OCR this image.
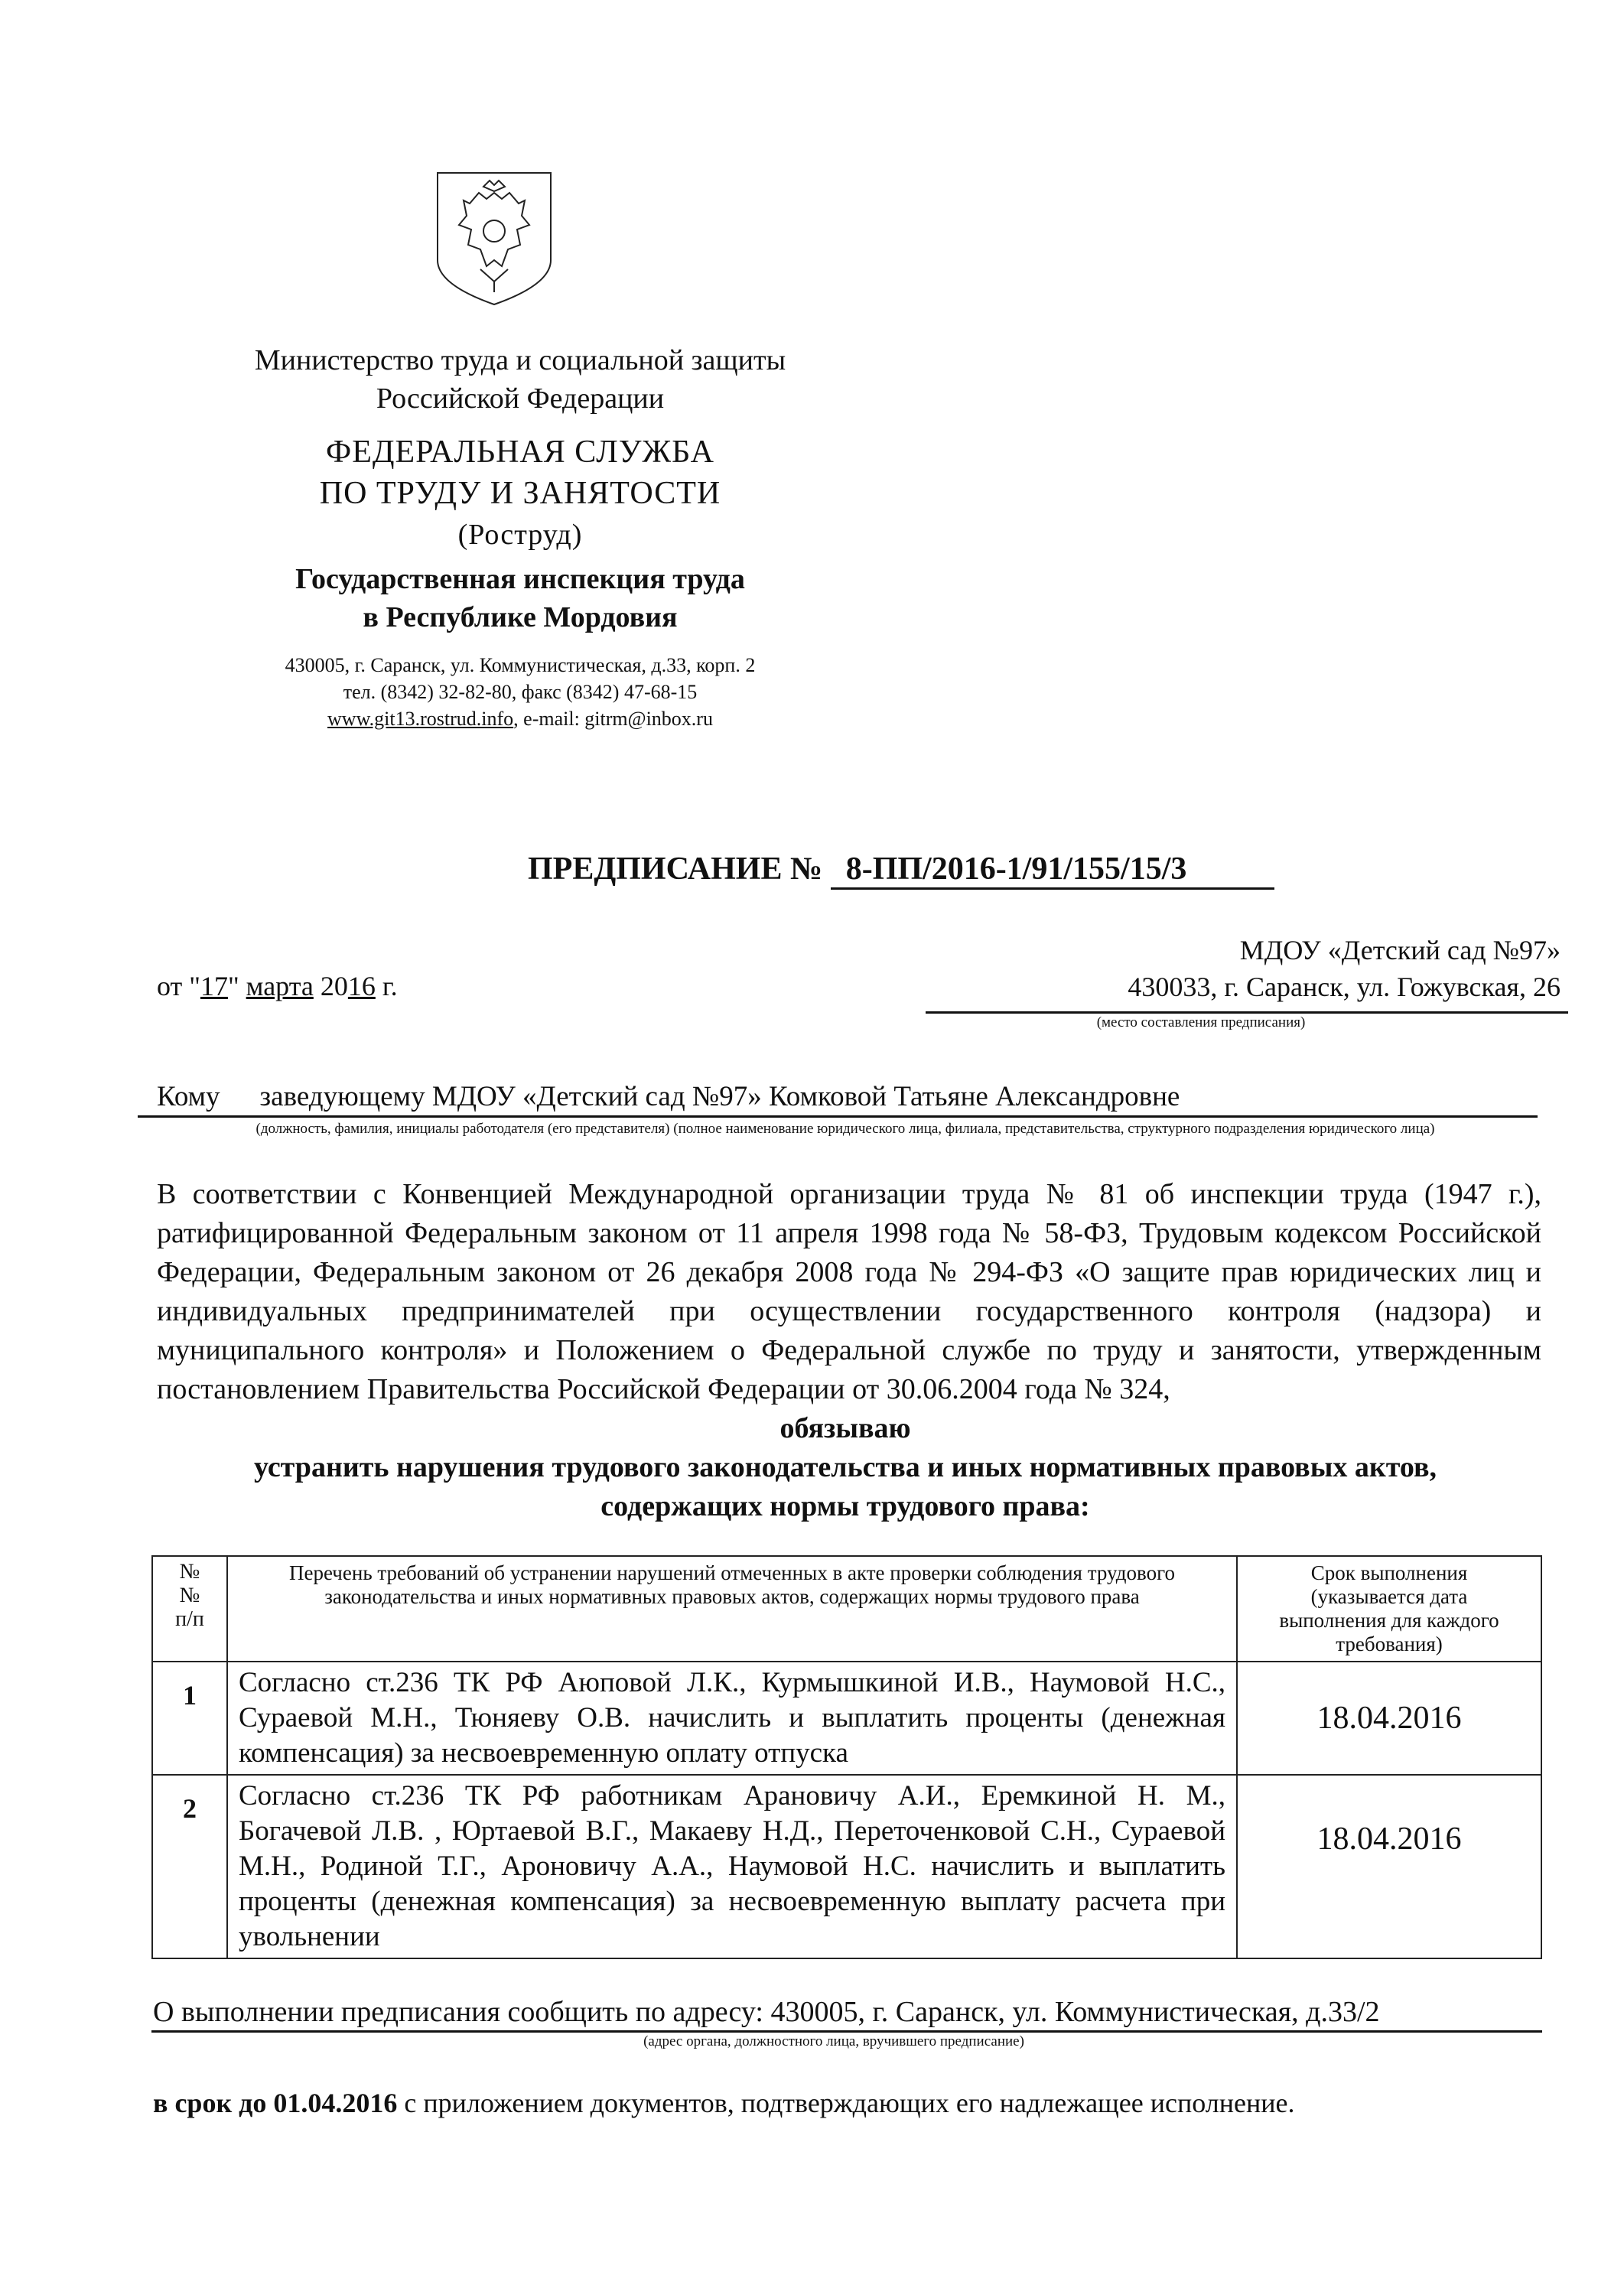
Министерство труда и социальной защиты
Российской Федерации
ФЕДЕРАЛЬНАЯ СЛУЖБА
ПО ТРУДУ И ЗАНЯТОСТИ
(Роструд)
Государственная инспекция труда
в Республике Мордовия
430005, г. Саранск, ул. Коммунистическая, д.33, корп. 2
тел. (8342) 32-82-80, факс (8342) 47-68-15
www.git13.rostrud.info, e-mail: gitrm@inbox.ru
ПРЕДПИСАНИЕ № 8-ПП/2016-1/91/155/15/3
от "17" марта 2016 г.
МДОУ «Детский сад №97»
430033, г. Саранск, ул. Гожувская, 26
(место составления предписания)
Кому заведующему МДОУ «Детский сад №97» Комковой Татьяне Александровне
(должность, фамилия, инициалы работодателя (его представителя) (полное наименование юридического лица, филиала, представительства, структурного подразделения юридического лица)
В соответствии с Конвенцией Международной организации труда № 81 об инспекции труда (1947 г.), ратифицированной Федеральным законом от 11 апреля 1998 года № 58-ФЗ, Трудовым кодексом Российской Федерации, Федеральным законом от 26 декабря 2008 года № 294-ФЗ «О защите прав юридических лиц и индивидуальных предпринимателей при осуществлении государственного контроля (надзора) и муниципального контроля» и Положением о Федеральной службе по труду и занятости, утвержденным постановлением Правительства Российской Федерации от 30.06.2004 года № 324,
обязываю
устранить нарушения трудового законодательства и иных нормативных правовых актов,
содержащих нормы трудового права:
№
№
п/п	Перечень требований об устранении нарушений отмеченных в акте проверки соблюдения трудового законодательства и иных нормативных правовых актов, содержащих нормы трудового права	Срок выполнения (указывается дата выполнения для каждого требования)
1	Согласно ст.236 ТК РФ Аюповой Л.К., Курмышкиной И.В., Наумовой Н.С., Сураевой М.Н., Тюняеву О.В. начислить и выплатить проценты (денежная компенсация) за несвоевременную оплату отпуска	18.04.2016
2	Согласно ст.236 ТК РФ работникам Арановичу А.И., Еремкиной Н. М., Богачевой Л.В. , Юртаевой В.Г., Макаеву Н.Д., Переточенковой С.Н., Сураевой М.Н., Родиной Т.Г., Ароновичу А.А., Наумовой Н.С. начислить и выплатить проценты (денежная компенсация) за несвоевременную выплату расчета при увольнении	18.04.2016
О выполнении предписания сообщить по адресу: 430005, г. Саранск, ул. Коммунистическая, д.33/2
(адрес органа, должностного лица, вручившего предписание)
в срок до 01.04.2016 с приложением документов, подтверждающих его надлежащее исполнение.
